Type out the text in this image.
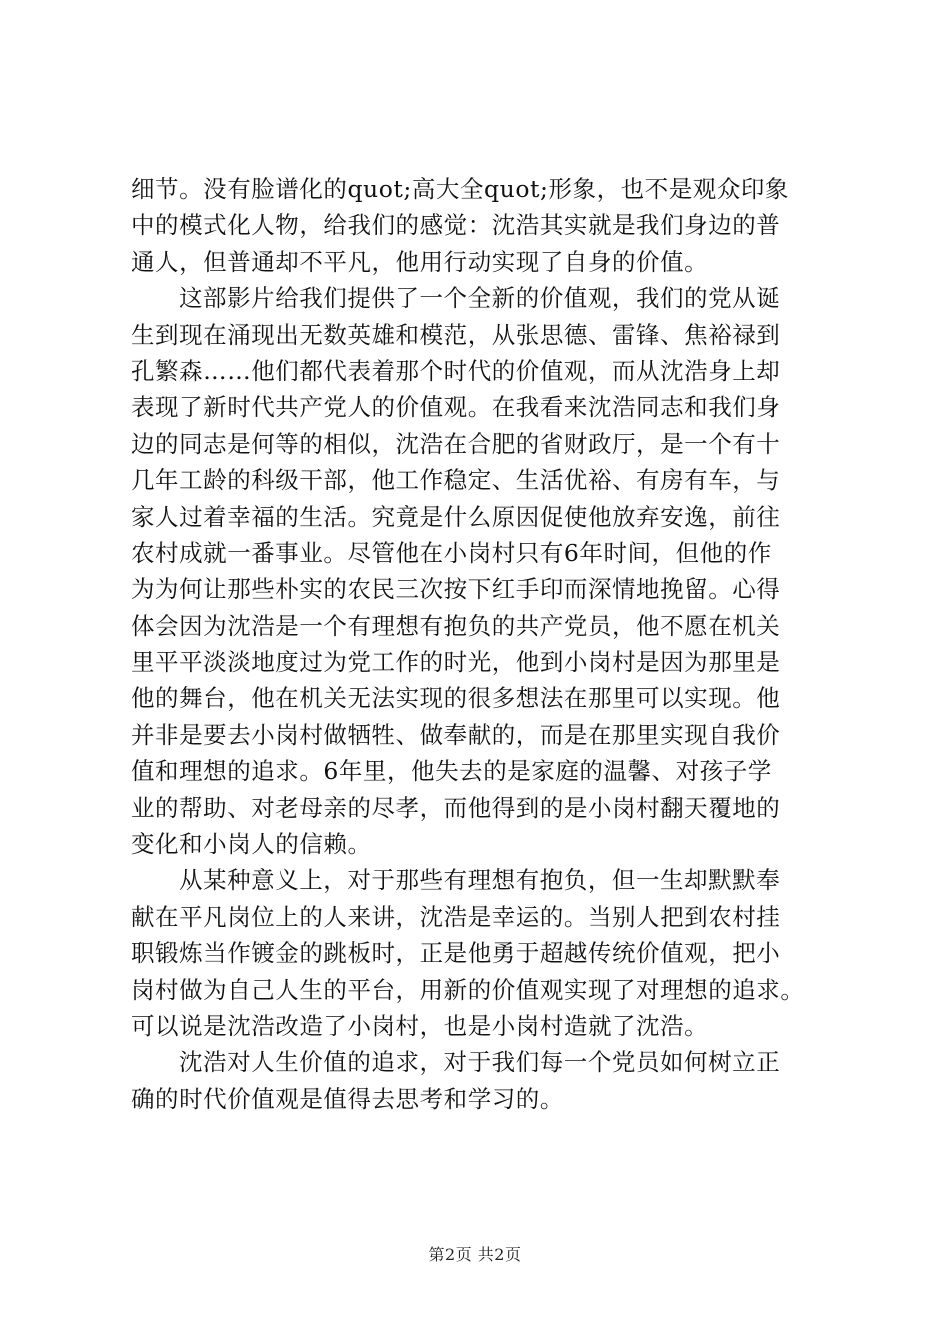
细节。没有脸谱化的quot;高大全quot;形象，也不是观众印象
中的模式化人物，给我们的感觉：沈浩其实就是我们身边的普
通人，但普通却不平凡，他用行动实现了自身的价值。
这部影片给我们提供了一个全新的价值观，我们的党从诞
生到现在涌现出无数英雄和模范，从张思德、雷锋、焦裕禄到
孔繁森……他们都代表着那个时代的价值观，而从沈浩身上却
表现了新时代共产党人的价值观。在我看来沈浩同志和我们身
边的同志是何等的相似，沈浩在合肥的省财政厅，是一个有十
几年工龄的科级干部，他工作稳定、生活优裕、有房有车，与
家人过着幸福的生活。究竟是什么原因促使他放弃安逸，前往
农村成就一番事业。尽管他在小岗村只有6年时间，但他的作
为为何让那些朴实的农民三次按下红手印而深情地挽留。心得
体会因为沈浩是一个有理想有抱负的共产党员，他不愿在机关
里平平淡淡地度过为党工作的时光，他到小岗村是因为那里是
他的舞台，他在机关无法实现的很多想法在那里可以实现。他
并非是要去小岗村做牺牲、做奉献的，而是在那里实现自我价
值和理想的追求。6年里，他失去的是家庭的温馨、对孩子学
业的帮助、对老母亲的尽孝，而他得到的是小岗村翻天覆地的
变化和小岗人的信赖。
从某种意义上，对于那些有理想有抱负，但一生却默默奉
献在平凡岗位上的人来讲，沈浩是幸运的。当别人把到农村挂
职锻炼当作镀金的跳板时，正是他勇于超越传统价值观，把小
岗村做为自己人生的平台，用新的价值观实现了对理想的追求。
可以说是沈浩改造了小岗村，也是小岗村造就了沈浩。
沈浩对人生价值的追求，对于我们每一个党员如何树立正
确的时代价值观是值得去思考和学习的。
第2页 共2页
